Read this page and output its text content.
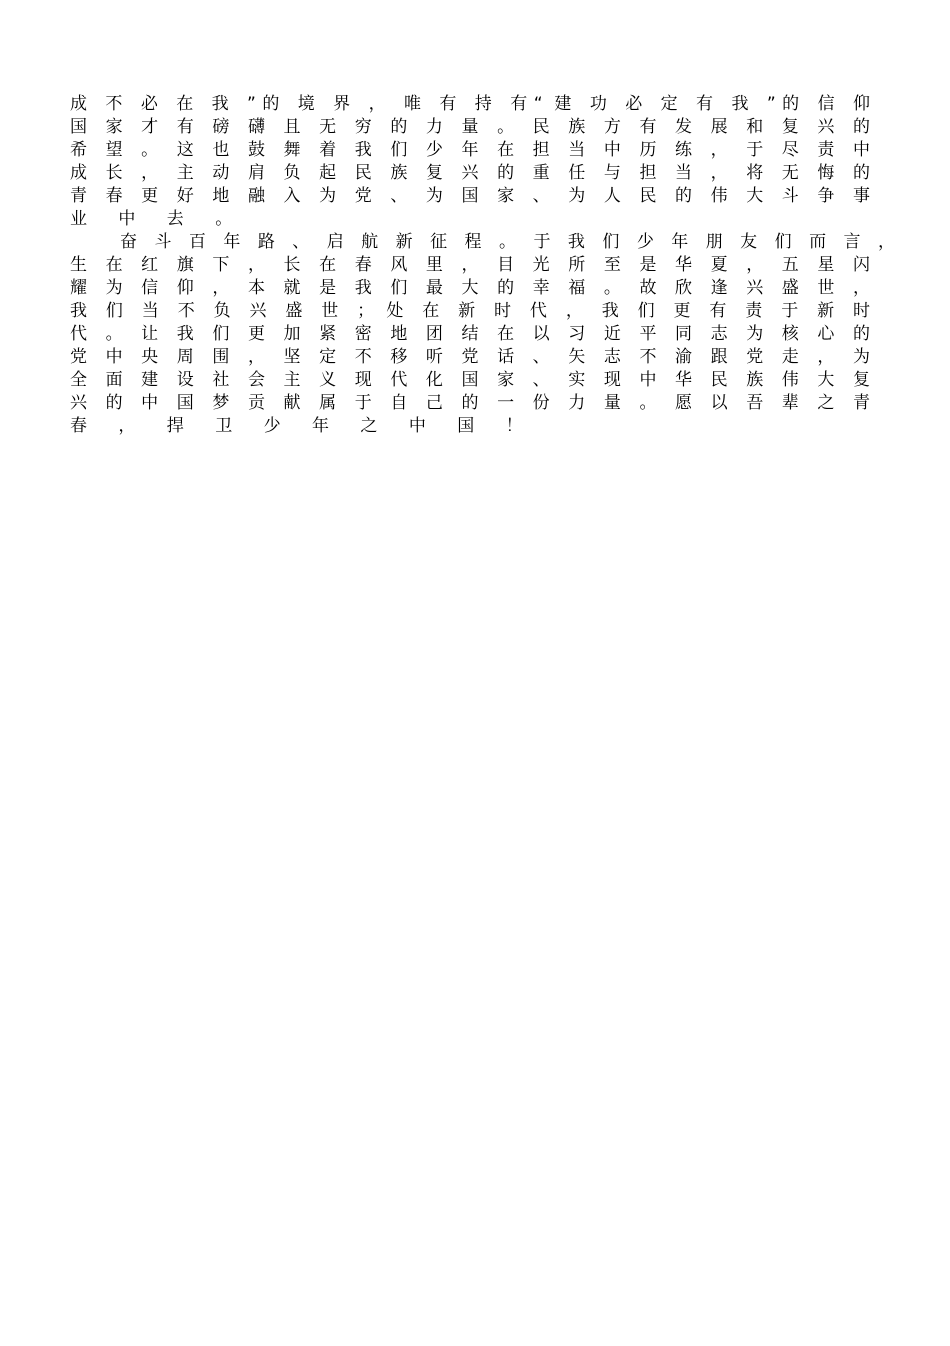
成 不 必 在 我 ”的 境 界 ， 唯 有 持 有“ 建 功 必 定 有 我 ”的 信 仰
国 家 才 有 磅 礴 且 无 穷 的 力 量 。 民 族 方 有 发 展 和 复 兴 的
希 望 。 这 也 鼓 舞 着 我 们 少 年 在 担 当 中 历 练 ， 于 尽 责 中
成 长 ， 主 动 肩 负 起 民 族 复 兴 的 重 任 与 担 当 ， 将 无 悔 的
青 春 更 好 地 融 入 为 党 、 为 国 家 、 为 人 民 的 伟 大 斗 争 事
业 中 去 。
奋 斗 百 年 路 、 启 航 新 征 程 。 于 我 们 少 年 朋 友 们 而 言 ，
生 在 红 旗 下 ， 长 在 春 风 里 ， 目 光 所 至 是 华 夏 ， 五 星 闪
耀 为 信 仰 ， 本 就 是 我 们 最 大 的 幸 福 。 故 欣 逢 兴 盛 世 ，
我 们 当 不 负 兴 盛 世 ； 处 在 新 时 代 ， 我 们 更 有 责 于 新 时
代 。 让 我 们 更 加 紧 密 地 团 结 在 以 习 近 平 同 志 为 核 心 的
党 中 央 周 围 ， 坚 定 不 移 听 党 话 、 矢 志 不 渝 跟 党 走 ， 为
全 面 建 设 社 会 主 义 现 代 化 国 家 、 实 现 中 华 民 族 伟 大 复
兴 的 中 国 梦 贡 献 属 于 自 己 的 一 份 力 量 。 愿 以 吾 辈 之 青
春 ， 捍 卫 少 年 之 中 国 ！
